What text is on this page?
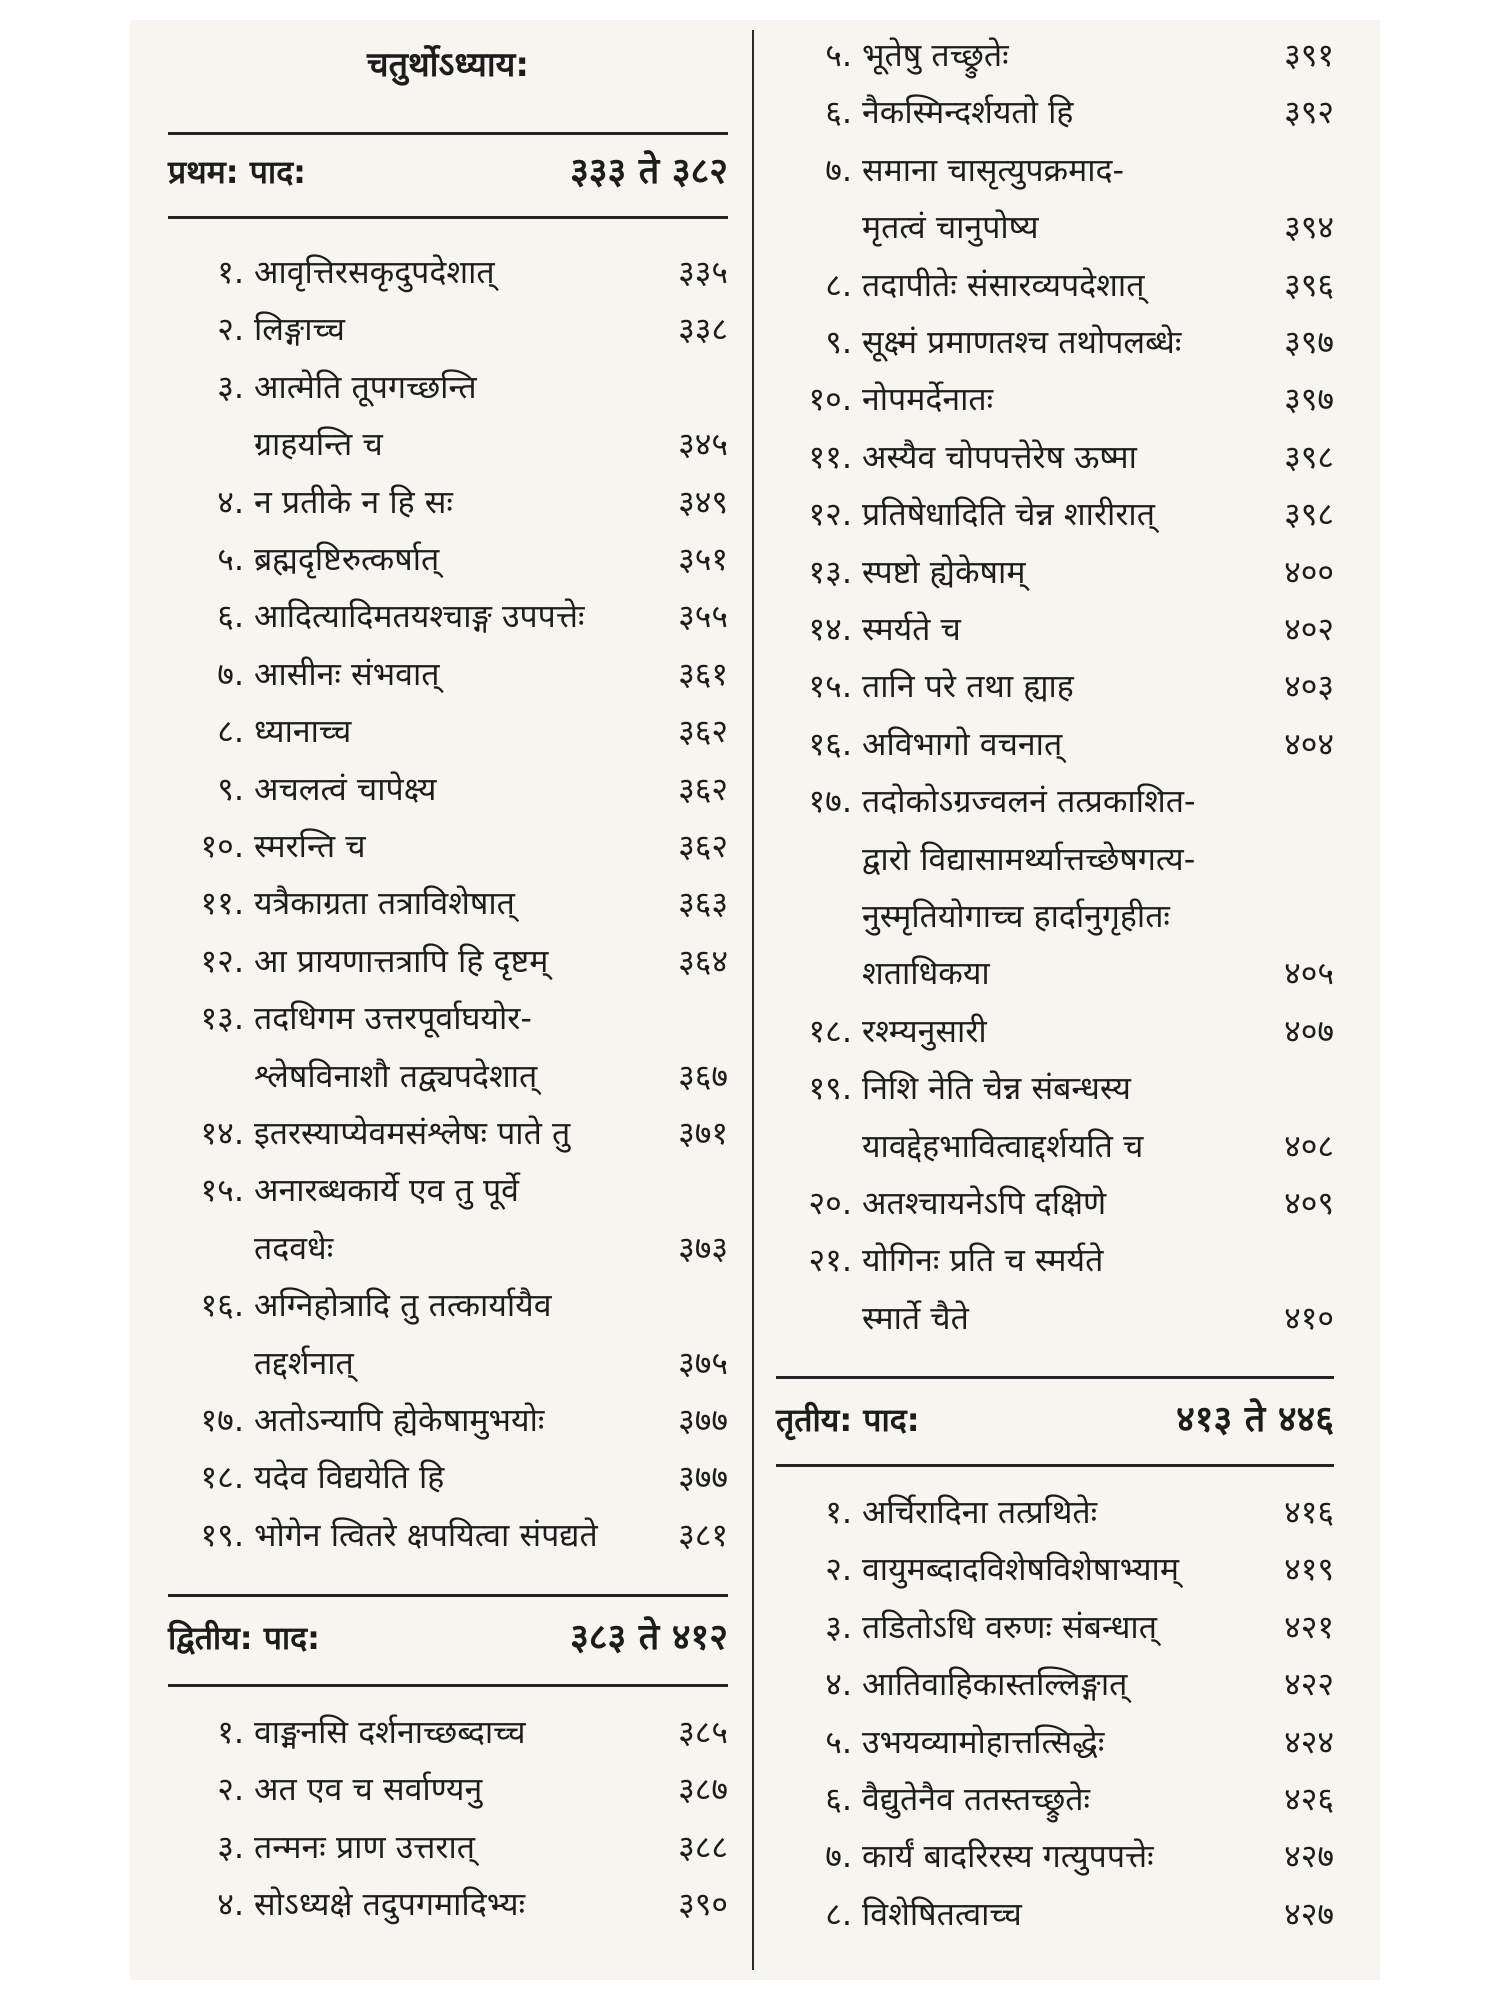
चतुर्थोऽध्याय:
प्रथम: पाद:	३३३ ते ३८२
१. आवृत्तिरसकृदुपदेशात्	३३५
२. लिङ्गाच्च	३३८
३. आत्मेति तूपगच्छन्ति
ग्राहयन्ति च	३४५
४. न प्रतीके न हि सः	३४९
५. ब्रह्मदृष्टिरुत्कर्षात्	३५१
६. आदित्यादिमतयश्चाङ्ग उपपत्तेः	३५५
७. आसीनः संभवात्	३६१
८. ध्यानाच्च	३६२
९. अचलत्वं चापेक्ष्य	३६२
१०. स्मरन्ति च	३६२
११. यत्रैकाग्रता तत्राविशेषात्	३६३
१२. आ प्रायणात्तत्रापि हि दृष्टम्	३६४
१३. तदधिगम उत्तरपूर्वाघयोर-
श्लेषविनाशौ तद्व्यपदेशात्	३६७
१४. इतरस्याप्येवमसंश्लेषः पाते तु	३७१
१५. अनारब्धकार्ये एव तु पूर्वे
तदवधेः	३७३
१६. अग्निहोत्रादि तु तत्कार्यायैव
तद्दर्शनात्	३७५
१७. अतोऽन्यापि ह्येकेषामुभयोः	३७७
१८. यदेव विद्ययेति हि	३७७
१९. भोगेन त्वितरे क्षपयित्वा संपद्यते	३८१
द्वितीय: पाद:	३८३ ते ४१२
१. वाङ्मनसि दर्शनाच्छब्दाच्च	३८५
२. अत एव च सर्वाण्यनु	३८७
३. तन्मनः प्राण उत्तरात्	३८८
४. सोऽध्यक्षे तदुपगमादिभ्यः	३९०
५. भूतेषु तच्छ्रुतेः	३९१
६. नैकस्मिन्दर्शयतो हि	३९२
७. समाना चासृत्युपक्रमाद-
मृतत्वं चानुपोष्य	३९४
८. तदापीतेः संसारव्यपदेशात्	३९६
९. सूक्ष्मं प्रमाणतश्च तथोपलब्धेः	३९७
१०. नोपमर्देनातः	३९७
११. अस्यैव चोपपत्तेरेष ऊष्मा	३९८
१२. प्रतिषेधादिति चेन्न शारीरात्	३९८
१३. स्पष्टो ह्येकेषाम्	४००
१४. स्मर्यते च	४०२
१५. तानि परे तथा ह्याह	४०३
१६. अविभागो वचनात्	४०४
१७. तदोकोऽग्रज्वलनं तत्प्रकाशित-
द्वारो विद्यासामर्थ्यात्तच्छेषगत्य-
नुस्मृतियोगाच्च हार्दानुगृहीतः
शताधिकया	४०५
१८. रश्म्यनुसारी	४०७
१९. निशि नेति चेन्न संबन्धस्य
यावद्देहभावित्वाद्दर्शयति च	४०८
२०. अतश्चायनेऽपि दक्षिणे	४०९
२१. योगिनः प्रति च स्मर्यते
स्मार्ते चैते	४१०
तृतीय: पाद:	४१३ ते ४४६
१. अर्चिरादिना तत्प्रथितेः	४१६
२. वायुमब्दादविशेषविशेषाभ्याम्	४१९
३. तडितोऽधि वरुणः संबन्धात्	४२१
४. आतिवाहिकास्तल्लिङ्गात्	४२२
५. उभयव्यामोहात्तत्सिद्धेः	४२४
६. वैद्युतेनैव ततस्तच्छ्रुतेः	४२६
७. कार्यं बादरिरस्य गत्युपपत्तेः	४२७
८. विशेषितत्वाच्च	४२७
